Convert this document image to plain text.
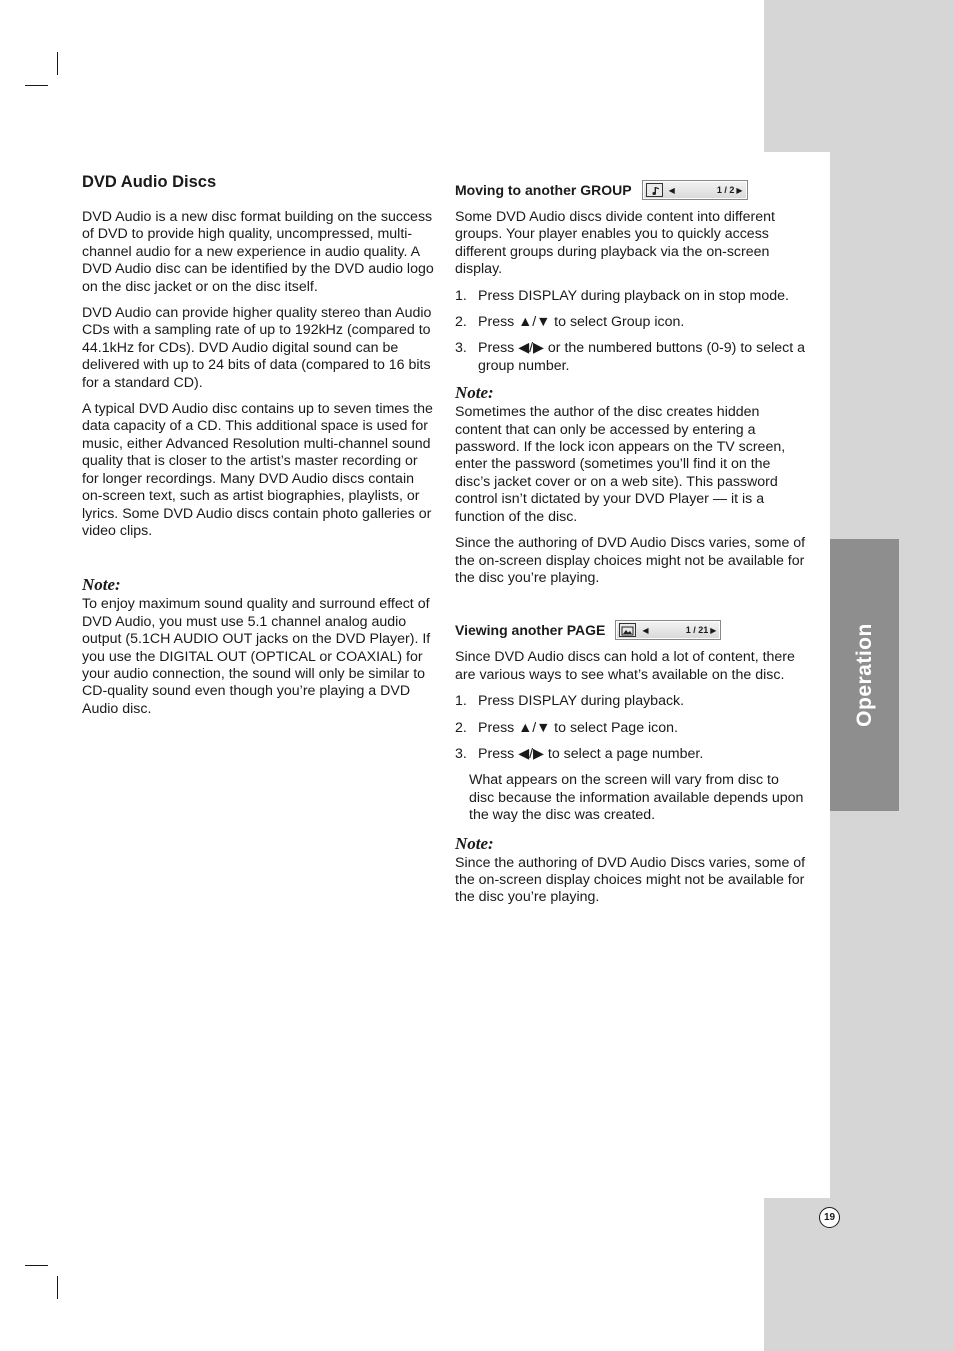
Operation
19
DVD Audio Discs

DVD Audio is a new disc format building on the success of DVD to provide high quality, uncompressed, multi-channel audio for a new experience in audio quality. A DVD Audio disc can be identified by the DVD audio logo on the disc jacket or on the disc itself.

DVD Audio can provide higher quality stereo than Audio CDs with a sampling rate of up to 192kHz (compared to 44.1kHz for CDs). DVD Audio digital sound can be delivered with up to 24 bits of data (compared to 16 bits for a standard CD).

A typical DVD Audio disc contains up to seven times the data capacity of a CD. This additional space is used for music, either Advanced Resolution multi-channel sound quality that is closer to the artist’s master recording or for longer recordings. Many DVD Audio discs contain on-screen text, such as artist biographies, playlists, or lyrics. Some DVD Audio discs contain photo galleries or video clips.

Note:

To enjoy maximum sound quality and surround effect of DVD Audio, you must use 5.1 channel analog audio output (5.1CH AUDIO OUT jacks on the DVD Player). If you use the DIGITAL OUT (OPTICAL or COAXIAL) for your audio connection, the sound will only be similar to CD-quality sound even though you’re playing a DVD Audio disc.

Moving to another GROUP	◀	1 / 2 ▶

Some DVD Audio discs divide content into different groups. Your player enables you to quickly access different groups during playback via the on-screen display.

1. Press DISPLAY during playback on in stop mode.
2. Press ▲/▼ to select Group icon.
3. Press ◀/▶ or the numbered buttons (0-9) to select a group number.
Note:

Sometimes the author of the disc creates hidden content that can only be accessed by entering a password. If the lock icon appears on the TV screen, enter the password (sometimes you’ll find it on the disc’s jacket cover or on a web site). This password control isn’t dictated by your DVD Player — it is a function of the disc.

Since the authoring of DVD Audio Discs varies, some of the on-screen display choices might not be available for the disc you’re playing.

Viewing another PAGE	◀	1 / 21 ▶

Since DVD Audio discs can hold a lot of content, there are various ways to see what’s available on the disc.

1. Press DISPLAY during playback.
2. Press ▲/▼ to select Page icon.
3. Press ◀/▶ to select a page number.

What appears on the screen will vary from disc to disc because the information available depends upon the way the disc was created.

Note:

Since the authoring of DVD Audio Discs varies, some of the on-screen display choices might not be available for the disc you’re playing.
